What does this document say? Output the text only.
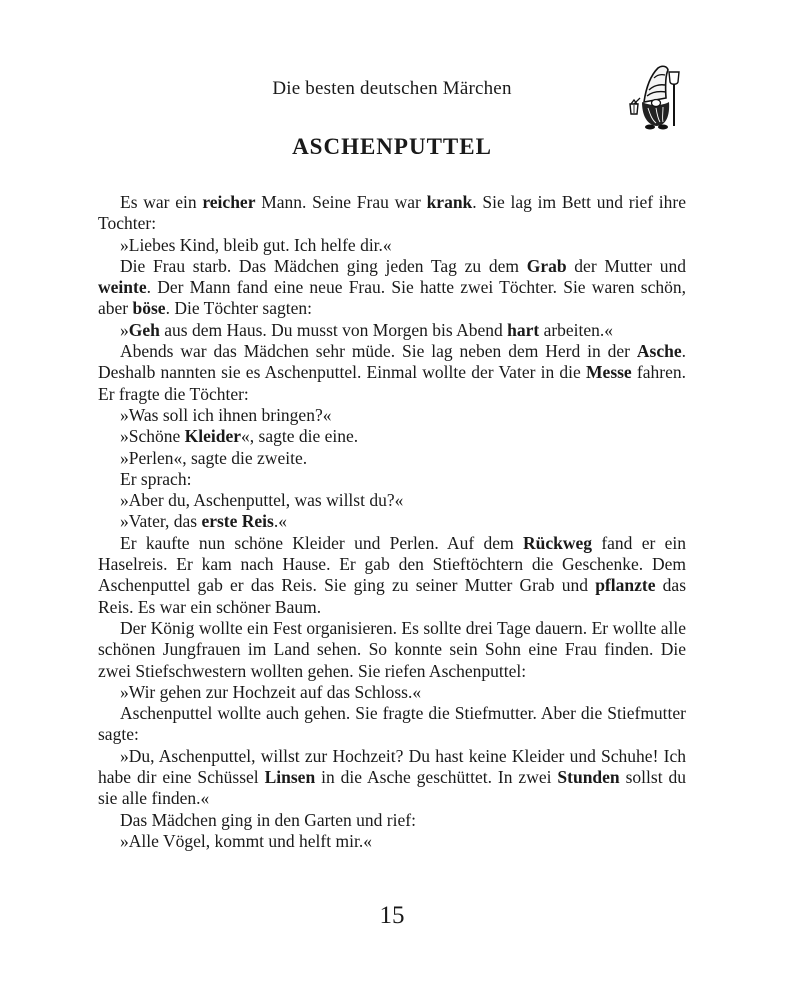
Die besten deutschen Märchen
ASCHENPUTTEL

Es war ein reicher Mann. Seine Frau war krank. Sie lag im Bett und rief ihre Tochter:

»Liebes Kind, bleib gut. Ich helfe dir.«

Die Frau starb. Das Mädchen ging jeden Tag zu dem Grab der Mutter und weinte. Der Mann fand eine neue Frau. Sie hatte zwei Töchter. Sie waren schön, aber böse. Die Töchter sagten:

»Geh aus dem Haus. Du musst von Morgen bis Abend hart arbeiten.«

Abends war das Mädchen sehr müde. Sie lag neben dem Herd in der Asche. Deshalb nannten sie es Aschenputtel. Einmal wollte der Vater in die Messe fahren. Er fragte die Töchter:

»Was soll ich ihnen bringen?«

»Schöne Kleider«, sagte die eine.

»Perlen«, sagte die zweite.

Er sprach:

»Aber du, Aschenputtel, was willst du?«

»Vater, das erste Reis.«

Er kaufte nun schöne Kleider und Perlen. Auf dem Rückweg fand er ein Haselreis. Er kam nach Hause. Er gab den Stieftöchtern die Geschenke. Dem Aschenputtel gab er das Reis. Sie ging zu seiner Mutter Grab und pflanzte das Reis. Es war ein schöner Baum.

Der König wollte ein Fest organisieren. Es sollte drei Tage dauern. Er wollte alle schönen Jungfrauen im Land sehen. So konnte sein Sohn eine Frau finden. Die zwei Stiefschwestern wollten gehen. Sie riefen Aschenputtel:

»Wir gehen zur Hochzeit auf das Schloss.«

Aschenputtel wollte auch gehen. Sie fragte die Stiefmutter. Aber die Stiefmutter sagte:

»Du, Aschenputtel, willst zur Hochzeit? Du hast keine Kleider und Schuhe! Ich habe dir eine Schüssel Linsen in die Asche geschüttet. In zwei Stunden sollst du sie alle finden.«

Das Mädchen ging in den Garten und rief:

»Alle Vögel, kommt und helft mir.«

15
